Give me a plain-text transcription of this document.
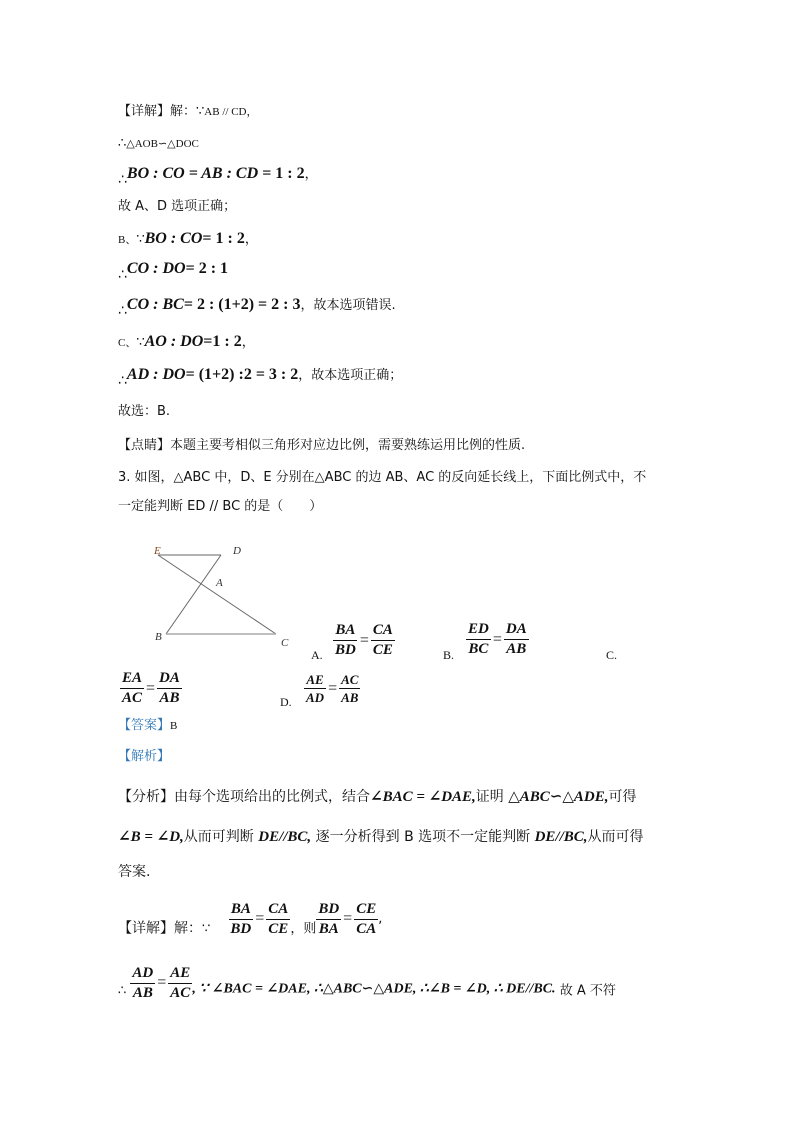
【详解】解：∵AB // CD，
∴△AOB∽△DOC
∴BO : CO = AB : CD = 1 : 2，
故 A、D 选项正确；
B、∵BO : CO= 1 : 2，
∴CO : DO= 2 : 1
∴CO : BC= 2 : (1+2) = 2 : 3，故本选项错误.
C、∵AO : DO=1 : 2，
∴AD : DO= (1+2) :2 = 3 : 2，故本选项正确；
故选：B.
【点睛】本题主要考相似三角形对应边比例，需要熟练运用比例的性质.
3. 如图，△ABC 中，D、E 分别在△ABC 的边 AB、AC 的反向延长线上，下面比例式中，不
一定能判断 ED // BC 的是（　　）
E	D
A
B	C
A. $\frac{BA}{BD} = \frac{CA}{CE}$	B. $\frac{ED}{BC} = \frac{DA}{AB}$	C.
$\frac{EA}{AC} = \frac{DA}{AB}$	D. $\frac{AE}{AD} = \frac{AC}{AB}$
【答案】B
【解析】
【分析】由每个选项给出的比例式，结合∠BAC = ∠DAE,证明 △ABC∽△ADE,可得
∠B = ∠D,从而可判断 DE//BC, 逐一分析得到 B 选项不一定能判断 DE//BC,从而可得
答案.
【详解】解：∵ $\frac{BA}{BD} = \frac{CA}{CE}$ ，则 $\frac{BD}{BA} = \frac{CE}{CA}$ ,
∴ $\frac{AD}{AB} = \frac{AE}{AC}$ , ∵ ∠BAC = ∠DAE, ∴△ABC∽△ADE, ∴∠B = ∠D, ∴ DE//BC. 故 A 不符
